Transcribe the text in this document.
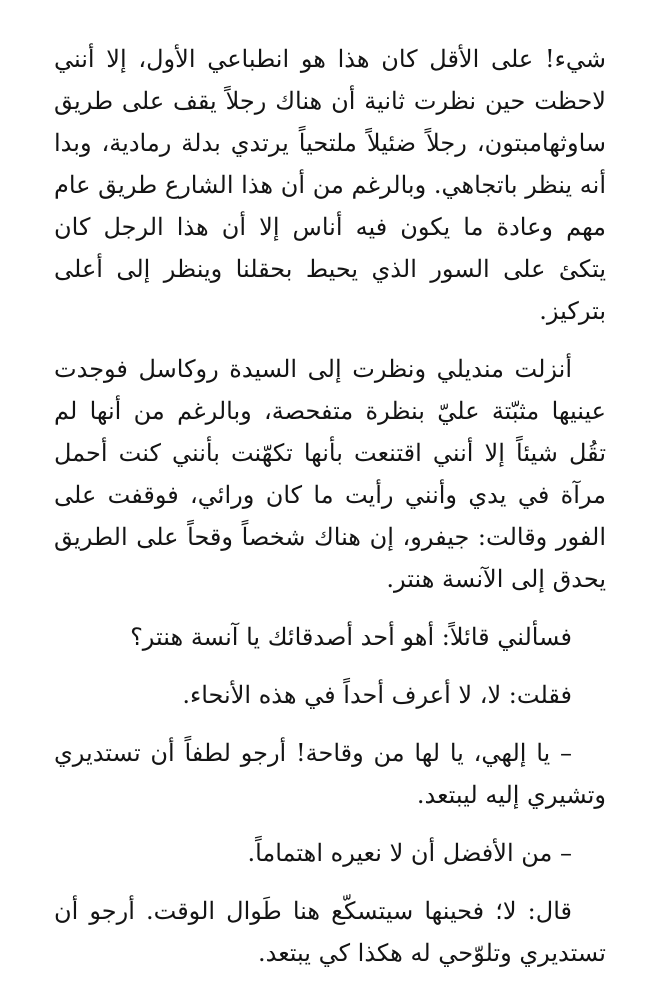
شيء! على الأقل كان هذا هو انطباعي الأول، إلا أنني لاحظت حين نظرت ثانية أن هناك رجلاً يقف على طريق ساوثهامبتون، رجلاً ضئيلاً ملتحياً يرتدي بدلة رمادية، وبدا أنه ينظر باتجاهي. وبالرغم من أن هذا الشارع طريق عام مهم وعادة ما يكون فيه أناس إلا أن هذا الرجل كان يتكئ على السور الذي يحيط بحقلنا وينظر إلى أعلى بتركيز.

أنزلت منديلي ونظرت إلى السيدة روكاسل فوجدت عينيها مثبّتة عليّ بنظرة متفحصة، وبالرغم من أنها لم تقُل شيئاً إلا أنني اقتنعت بأنها تكهّنت بأنني كنت أحمل مرآة في يدي وأنني رأيت ما كان ورائي، فوقفت على الفور وقالت: جيفرو، إن هناك شخصاً وقحاً على الطريق يحدق إلى الآنسة هنتر.

فسألني قائلاً: أهو أحد أصدقائك يا آنسة هنتر؟

فقلت: لا، لا أعرف أحداً في هذه الأنحاء.

– يا إلهي، يا لها من وقاحة! أرجو لطفاً أن تستديري وتشيري إليه ليبتعد.

– من الأفضل أن لا نعيره اهتماماً.

قال: لا؛ فحينها سيتسكّع هنا طَوال الوقت. أرجو أن تستديري وتلوّحي له هكذا كي يبتعد.
